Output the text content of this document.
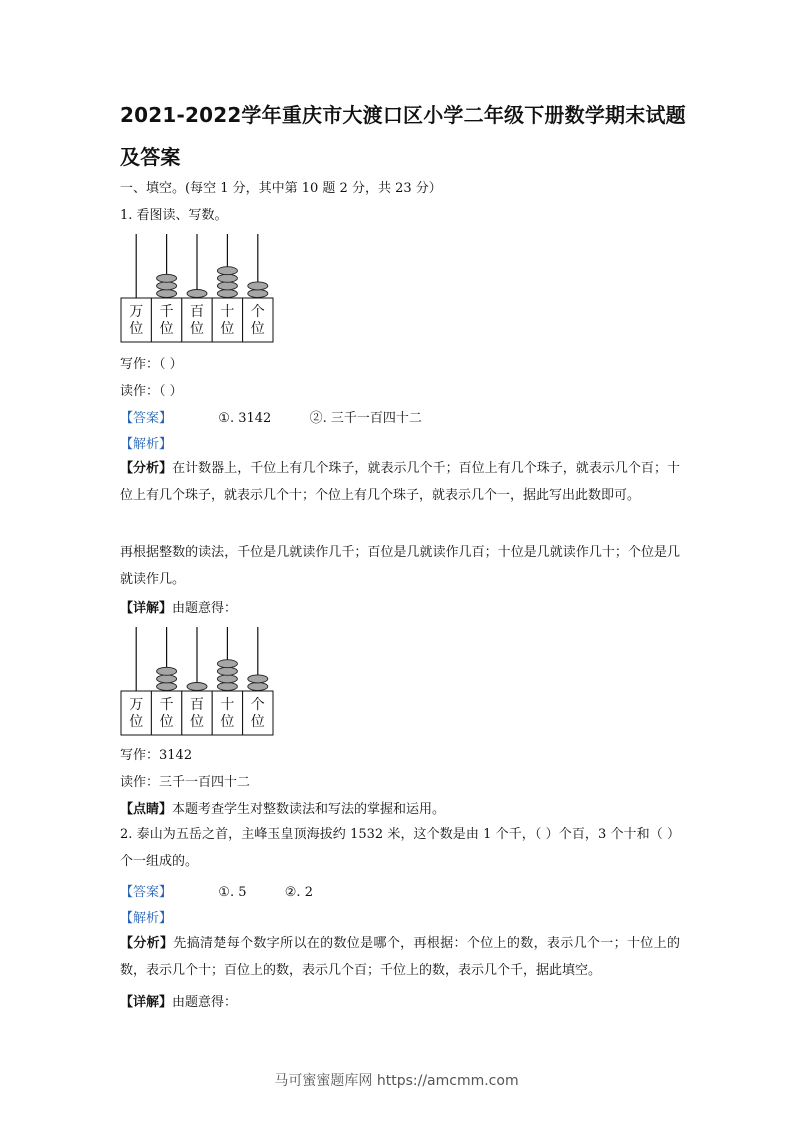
2021-2022学年重庆市大渡口区小学二年级下册数学期末试题及答案
一、填空。(每空 1 分，其中第 10 题 2 分，共 23 分）
1. 看图读、写数。
万
位
千
位
百
位
十
位
个
位
写作：（ ）
读作：（ ）
【答案】	①. 3142	②. 三千一百四十二
【解析】
【分析】在计数器上，千位上有几个珠子，就表示几个千；百位上有几个珠子，就表示几个百；十位上有几个珠子，就表示几个十；个位上有几个珠子，就表示几个一，据此写出此数即可。
再根据整数的读法，千位是几就读作几千；百位是几就读作几百；十位是几就读作几十；个位是几就读作几。
【详解】由题意得：
万
位
千
位
百
位
十
位
个
位
写作：3142
读作：三千一百四十二
【点睛】本题考查学生对整数读法和写法的掌握和运用。
2. 泰山为五岳之首，主峰玉皇顶海拔约 1532 米，这个数是由 1 个千，（ ）个百，3 个十和（ ）个一组成的。
【答案】	①. 5	②. 2
【解析】
【分析】先搞清楚每个数字所以在的数位是哪个，再根据：个位上的数，表示几个一；十位上的数，表示几个十；百位上的数，表示几个百；千位上的数，表示几个千，据此填空。
【详解】由题意得：
马可蜜蜜题库网 https://amcmm.com
